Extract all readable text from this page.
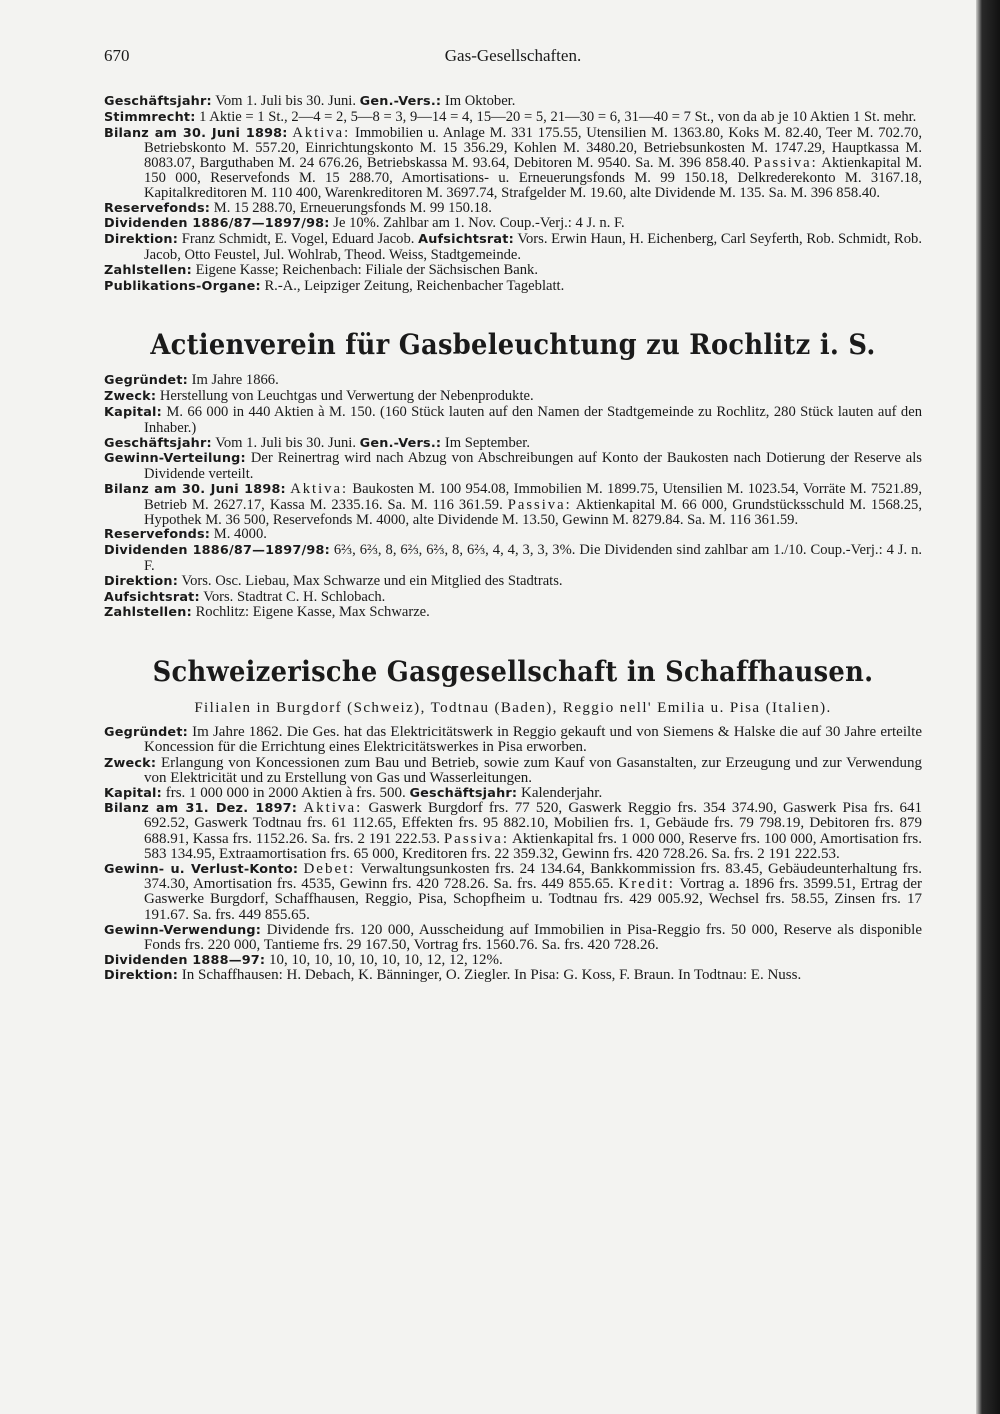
670	Gas-Gesellschaften.

Geschäftsjahr: Vom 1. Juli bis 30. Juni. Gen.-Vers.: Im Oktober.

Stimmrecht: 1 Aktie = 1 St., 2—4 = 2, 5—8 = 3, 9—14 = 4, 15—20 = 5, 21—30 = 6, 31—40 = 7 St., von da ab je 10 Aktien 1 St. mehr.

Bilanz am 30. Juni 1898: Aktiva: Immobilien u. Anlage M. 331 175.55, Utensilien M. 1363.80, Koks M. 82.40, Teer M. 702.70, Betriebskonto M. 557.20, Einrichtungskonto M. 15 356.29, Kohlen M. 3480.20, Betriebsunkosten M. 1747.29, Hauptkassa M. 8083.07, Barguthaben M. 24 676.26, Betriebskassa M. 93.64, Debitoren M. 9540. Sa. M. 396 858.40. Passiva: Aktienkapital M. 150 000, Reservefonds M. 15 288.70, Amortisations- u. Erneuerungsfonds M. 99 150.18, Delkrederekonto M. 3167.18, Kapitalkreditoren M. 110 400, Warenkreditoren M. 3697.74, Strafgelder M. 19.60, alte Dividende M. 135. Sa. M. 396 858.40.

Reservefonds: M. 15 288.70, Erneuerungsfonds M. 99 150.18.

Dividenden 1886/87—1897/98: Je 10%. Zahlbar am 1. Nov. Coup.-Verj.: 4 J. n. F.

Direktion: Franz Schmidt, E. Vogel, Eduard Jacob. Aufsichtsrat: Vors. Erwin Haun, H. Eichenberg, Carl Seyferth, Rob. Schmidt, Rob. Jacob, Otto Feustel, Jul. Wohlrab, Theod. Weiss, Stadtgemeinde.

Zahlstellen: Eigene Kasse; Reichenbach: Filiale der Sächsischen Bank.

Publikations-Organe: R.-A., Leipziger Zeitung, Reichenbacher Tageblatt.

Actienverein für Gasbeleuchtung zu Rochlitz i. S.

Gegründet: Im Jahre 1866.

Zweck: Herstellung von Leuchtgas und Verwertung der Nebenprodukte.

Kapital: M. 66 000 in 440 Aktien à M. 150. (160 Stück lauten auf den Namen der Stadtgemeinde zu Rochlitz, 280 Stück lauten auf den Inhaber.)

Geschäftsjahr: Vom 1. Juli bis 30. Juni. Gen.-Vers.: Im September.

Gewinn-Verteilung: Der Reinertrag wird nach Abzug von Abschreibungen auf Konto der Baukosten nach Dotierung der Reserve als Dividende verteilt.

Bilanz am 30. Juni 1898: Aktiva: Baukosten M. 100 954.08, Immobilien M. 1899.75, Utensilien M. 1023.54, Vorräte M. 7521.89, Betrieb M. 2627.17, Kassa M. 2335.16. Sa. M. 116 361.59. Passiva: Aktienkapital M. 66 000, Grundstücksschuld M. 1568.25, Hypothek M. 36 500, Reservefonds M. 4000, alte Dividende M. 13.50, Gewinn M. 8279.84. Sa. M. 116 361.59.

Reservefonds: M. 4000.

Dividenden 1886/87—1897/98: 6⅔, 6⅔, 8, 6⅔, 6⅔, 8, 6⅔, 4, 4, 3, 3, 3%. Die Dividenden sind zahlbar am 1./10. Coup.-Verj.: 4 J. n. F.

Direktion: Vors. Osc. Liebau, Max Schwarze und ein Mitglied des Stadtrats.

Aufsichtsrat: Vors. Stadtrat C. H. Schlobach.

Zahlstellen: Rochlitz: Eigene Kasse, Max Schwarze.

Schweizerische Gasgesellschaft in Schaffhausen.

Filialen in Burgdorf (Schweiz), Todtnau (Baden), Reggio nell' Emilia u. Pisa (Italien).

Gegründet: Im Jahre 1862. Die Ges. hat das Elektricitätswerk in Reggio gekauft und von Siemens & Halske die auf 30 Jahre erteilte Koncession für die Errichtung eines Elektricitätswerkes in Pisa erworben.

Zweck: Erlangung von Koncessionen zum Bau und Betrieb, sowie zum Kauf von Gasanstalten, zur Erzeugung und zur Verwendung von Elektricität und zu Erstellung von Gas und Wasserleitungen.

Kapital: frs. 1 000 000 in 2000 Aktien à frs. 500. Geschäftsjahr: Kalenderjahr.

Bilanz am 31. Dez. 1897: Aktiva: Gaswerk Burgdorf frs. 77 520, Gaswerk Reggio frs. 354 374.90, Gaswerk Pisa frs. 641 692.52, Gaswerk Todtnau frs. 61 112.65, Effekten frs. 95 882.10, Mobilien frs. 1, Gebäude frs. 79 798.19, Debitoren frs. 879 688.91, Kassa frs. 1152.26. Sa. frs. 2 191 222.53. Passiva: Aktienkapital frs. 1 000 000, Reserve frs. 100 000, Amortisation frs. 583 134.95, Extraamortisation frs. 65 000, Kreditoren frs. 22 359.32, Gewinn frs. 420 728.26. Sa. frs. 2 191 222.53.

Gewinn- u. Verlust-Konto: Debet: Verwaltungsunkosten frs. 24 134.64, Bankkommission frs. 83.45, Gebäudeunterhaltung frs. 374.30, Amortisation frs. 4535, Gewinn frs. 420 728.26. Sa. frs. 449 855.65. Kredit: Vortrag a. 1896 frs. 3599.51, Ertrag der Gaswerke Burgdorf, Schaffhausen, Reggio, Pisa, Schopfheim u. Todtnau frs. 429 005.92, Wechsel frs. 58.55, Zinsen frs. 17 191.67. Sa. frs. 449 855.65.

Gewinn-Verwendung: Dividende frs. 120 000, Ausscheidung auf Immobilien in Pisa-Reggio frs. 50 000, Reserve als disponible Fonds frs. 220 000, Tantieme frs. 29 167.50, Vortrag frs. 1560.76. Sa. frs. 420 728.26.

Dividenden 1888—97: 10, 10, 10, 10, 10, 10, 10, 12, 12, 12%.

Direktion: In Schaffhausen: H. Debach, K. Bänninger, O. Ziegler. In Pisa: G. Koss, F. Braun. In Todtnau: E. Nuss.
